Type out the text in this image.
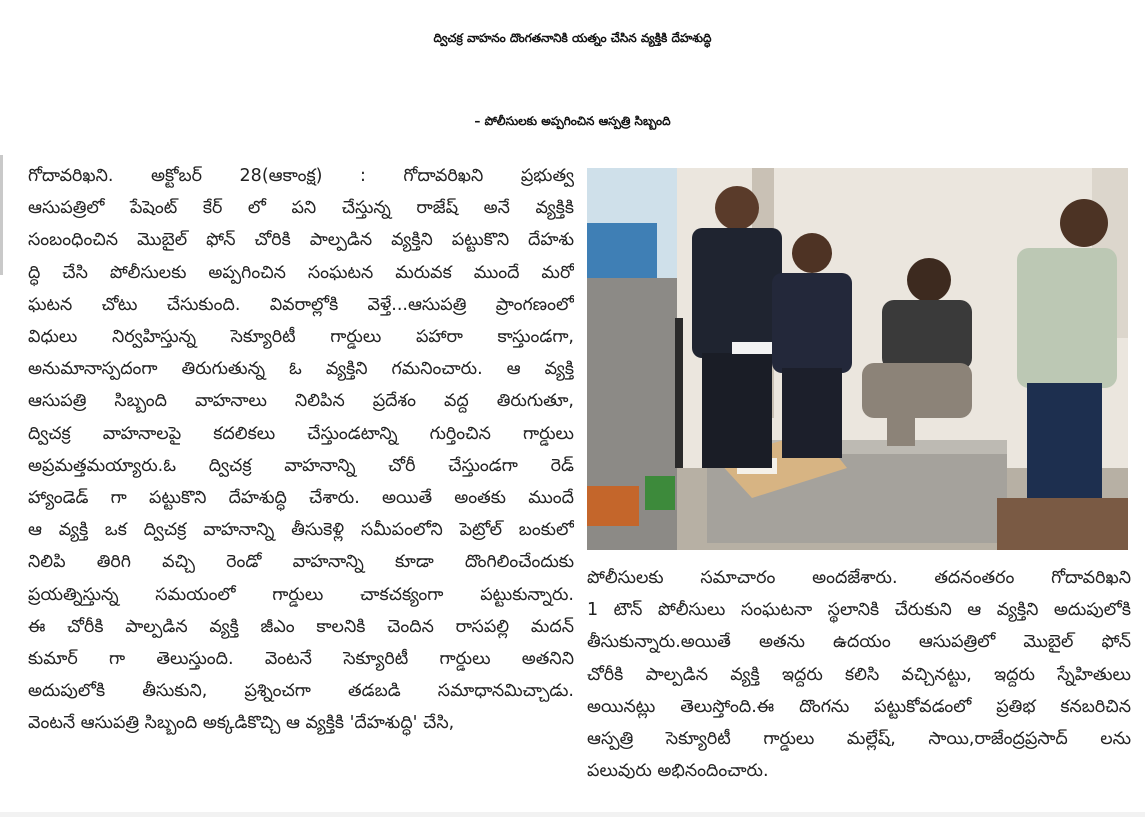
ద్విచక్ర వాహనం దొంగతనానికి యత్నం చేసిన వ్యక్తికి దేహశుద్ధి
– పోలీసులకు అప్పగించిన ఆస్పత్రి సిబ్బంది
గోదావరిఖని. అక్టోబర్ 28(ఆకాంక్ష) : గోదావరిఖని ప్రభుత్వ
ఆసుపత్రిలో పేషెంట్ కేర్ లో పని చేస్తున్న రాజేష్ అనే వ్యక్తికి
సంబంధించిన మొబైల్ ఫోన్ చోరికి పాల్పడిన వ్యక్తిని పట్టుకొని దేహశు
ద్ధి చేసి పోలీసులకు అప్పగించిన సంఘటన మరువక ముందే మరో
ఘటన చోటు చేసుకుంది. వివరాల్లోకి వెళ్తే...ఆసుపత్రి ప్రాంగణంలో
విధులు నిర్వహిస్తున్న సెక్యూరిటీ గార్డులు పహారా కాస్తుండగా,
అనుమానాస్పదంగా తిరుగుతున్న ఓ వ్యక్తిని గమనించారు. ఆ వ్యక్తి
ఆసుపత్రి సిబ్బంది వాహనాలు నిలిపిన ప్రదేశం వద్ద తిరుగుతూ,
ద్విచక్ర వాహనాలపై కదలికలు చేస్తుండటాన్ని గుర్తించిన గార్డులు
అప్రమత్తమయ్యారు.ఓ ద్విచక్ర వాహనాన్ని చోరీ చేస్తుండగా రెడ్
హ్యాండెడ్ గా పట్టుకొని దేహశుద్ధి చేశారు. అయితే అంతకు ముందే
ఆ వ్యక్తి ఒక ద్విచక్ర వాహనాన్ని తీసుకెళ్లి సమీపంలోని పెట్రోల్ బంకులో
నిలిపి తిరిగి వచ్చి రెండో వాహనాన్ని కూడా దొంగిలించేందుకు
ప్రయత్నిస్తున్న సమయంలో గార్డులు చాకచక్యంగా పట్టుకున్నారు.
ఈ చోరీకి పాల్పడిన వ్యక్తి జీఎం కాలనికి చెందిన రాసపల్లి మదన్
కుమార్ గా తెలుస్తుంది. వెంటనే సెక్యూరిటీ గార్డులు అతనిని
అదుపులోకి తీసుకుని, ప్రశ్నించగా తడబడి సమాధానమిచ్చాడు.
వెంటనే ఆసుపత్రి సిబ్బంది అక్కడికొచ్చి ఆ వ్యక్తికి 'దేహశుద్ధి' చేసి,
పోలీసులకు సమాచారం అందజేశారు. తదనంతరం గోదావరిఖని
1 టౌన్ పోలీసులు సంఘటనా స్థలానికి చేరుకుని ఆ వ్యక్తిని అదుపులోకి
తీసుకున్నారు.అయితే అతను ఉదయం ఆసుపత్రిలో మొబైల్ ఫోన్
చోరీకి పాల్పడిన వ్యక్తి ఇద్దరు కలిసి వచ్చినట్టు, ఇద్దరు స్నేహితులు
అయినట్లు తెలుస్తోంది.ఈ దొంగను పట్టుకోవడంలో ప్రతిభ కనబరిచిన
ఆస్పత్రి సెక్యూరిటీ గార్డులు మల్లేష్, సాయి,రాజేంద్రప్రసాద్ లను
పలువురు అభినందించారు.
